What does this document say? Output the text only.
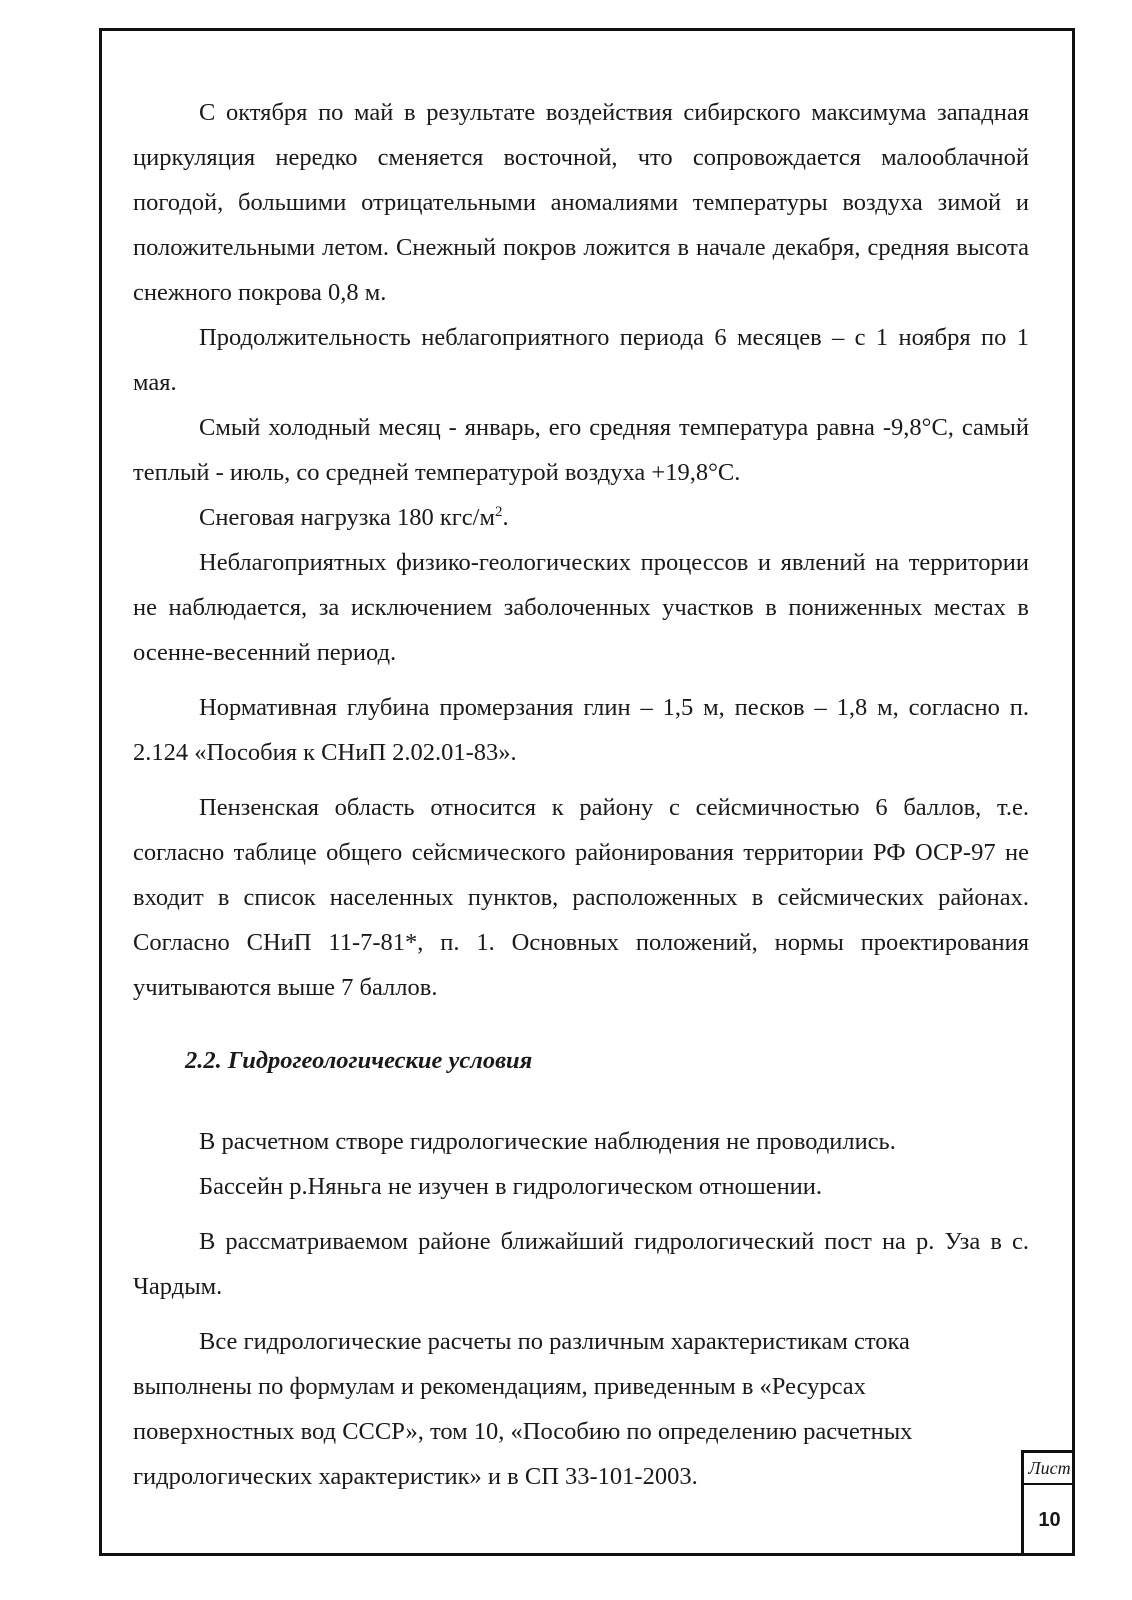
С октября по май в результате воздействия сибирского максимума западная циркуляция нередко сменяется восточной, что сопровождается малооблачной погодой, большими отрицательными аномалиями температуры воздуха зимой и положительными летом. Снежный покров ложится в начале декабря, средняя высота снежного покрова 0,8 м.

Продолжительность неблагоприятного периода 6 месяцев – с 1 ноября по 1 мая.

Смый холодный месяц - январь, его средняя температура равна -9,8°С, самый теплый - июль, со средней температурой воздуха +19,8°С.

Снеговая нагрузка 180 кгс/$м^2$.

Неблагоприятных физико-геологических процессов и явлений на территории не наблюдается, за исключением заболоченных участков в пониженных местах в осенне-весенний период.

Нормативная глубина промерзания глин – 1,5 м, песков – 1,8 м, согласно п. 2.124 «Пособия к СНиП 2.02.01-83».

Пензенская область относится к району с сейсмичностью 6 баллов, т.е. согласно таблице общего сейсмического районирования территории РФ ОСР-97 не входит в список населенных пунктов, расположенных в сейсмических районах. Согласно СНиП 11-7-81*, п. 1. Основных положений, нормы проектирования учитываются выше 7 баллов.

2.2. Гидрогеологические условия

В расчетном створе гидрологические наблюдения не проводились.

Бассейн р.Няньга не изучен в гидрологическом отношении.

В рассматриваемом районе ближайший гидрологический пост на р. Уза в с. Чардым.

Все гидрологические расчеты по различным характеристикам стока выполнены по формулам и рекомендациям, приведенным в «Ресурсах поверхностных вод СССР», том 10, «Пособию по определению расчетных гидрологических характеристик» и в СП 33-101-2003.	Лист
10
